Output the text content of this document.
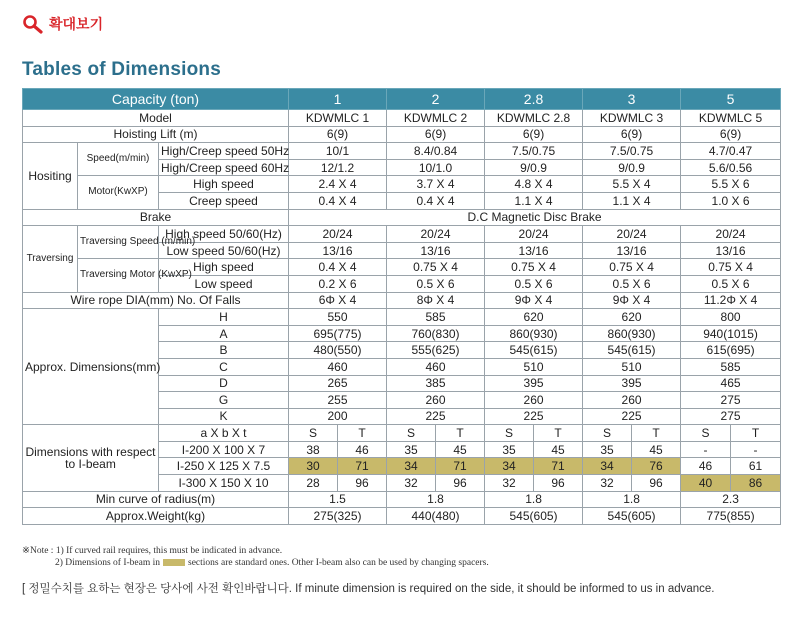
확대보기
Tables of Dimensions
Capacity (ton)			1		2		2.8		3		5	
Model			KDWMLC 1		KDWMLC 2		KDWMLC 2.8		KDWMLC 3		KDWMLC 5	
Hoisting Lift (m)			6(9)		6(9)		6(9)		6(9)		6(9)	
Hositing	Speed(m/min)	High/Creep speed 50Hz	10/1		8.4/0.84		7.5/0.75		7.5/0.75		4.7/0.47	
		High/Creep speed 60Hz	12/1.2		10/1.0		9/0.9		9/0.9		5.6/0.56	
	Motor(KwXP)	High speed	2.4 X 4		3.7 X 4		4.8 X 4		5.5 X 4		5.5 X 6	
		Creep speed	0.4 X 4		0.4 X 4		1.1 X 4		1.1 X 4		1.0 X 6	
Brake			D.C Magnetic Disc Brake									
Traversing	Traversing Speed (m/min)	High speed 50/60(Hz)	20/24		20/24		20/24		20/24		20/24	
		Low speed 50/60(Hz)	13/16		13/16		13/16		13/16		13/16	
	Traversing Motor (KwXP)	High speed	0.4 X 4		0.75 X 4		0.75 X 4		0.75 X 4		0.75 X 4	
		Low speed	0.2 X 6		0.5 X 6		0.5 X 6		0.5 X 6		0.5 X 6	
Wire rope DIA(mm) No. Of Falls			6Φ X 4		8Φ X 4		9Φ X 4		9Φ X 4		11.2Φ X 4	
Approx. Dimensions(mm)		H	550		585		620		620		800	
		A	695(775)		760(830)		860(930)		860(930)		940(1015)	
		B	480(550)		555(625)		545(615)		545(615)		615(695)	
		C	460		460		510		510		585	
		D	265		385		395		395		465	
		G	255		260		260		260		275	
		K	200		225		225		225		275	
Dimensions with respect to I-beam		a X b X t	S	T	S	T	S	T	S	T	S	T
		I-200 X 100 X 7	38	46	35	45	35	45	35	45	-	-
		I-250 X 125 X 7.5	30	71	34	71	34	71	34	76	46	61
		I-300 X 150 X 10	28	96	32	96	32	96	32	96	40	86
Min curve of radius(m)			1.5		1.8		1.8		1.8		2.3	
Approx.Weight(kg)			275(325)		440(480)		545(605)		545(605)		775(855)	
※Note : 1) If curved rail requires, this must be indicated in advance.
2) Dimensions of I-beam in	sections are standard ones. Other I-beam also can be used by changing spacers.
[ 정밀수치를 요하는 현장은 당사에 사전 확인바랍니다. If minute dimension is required on the side, it should be informed to us in advance.
